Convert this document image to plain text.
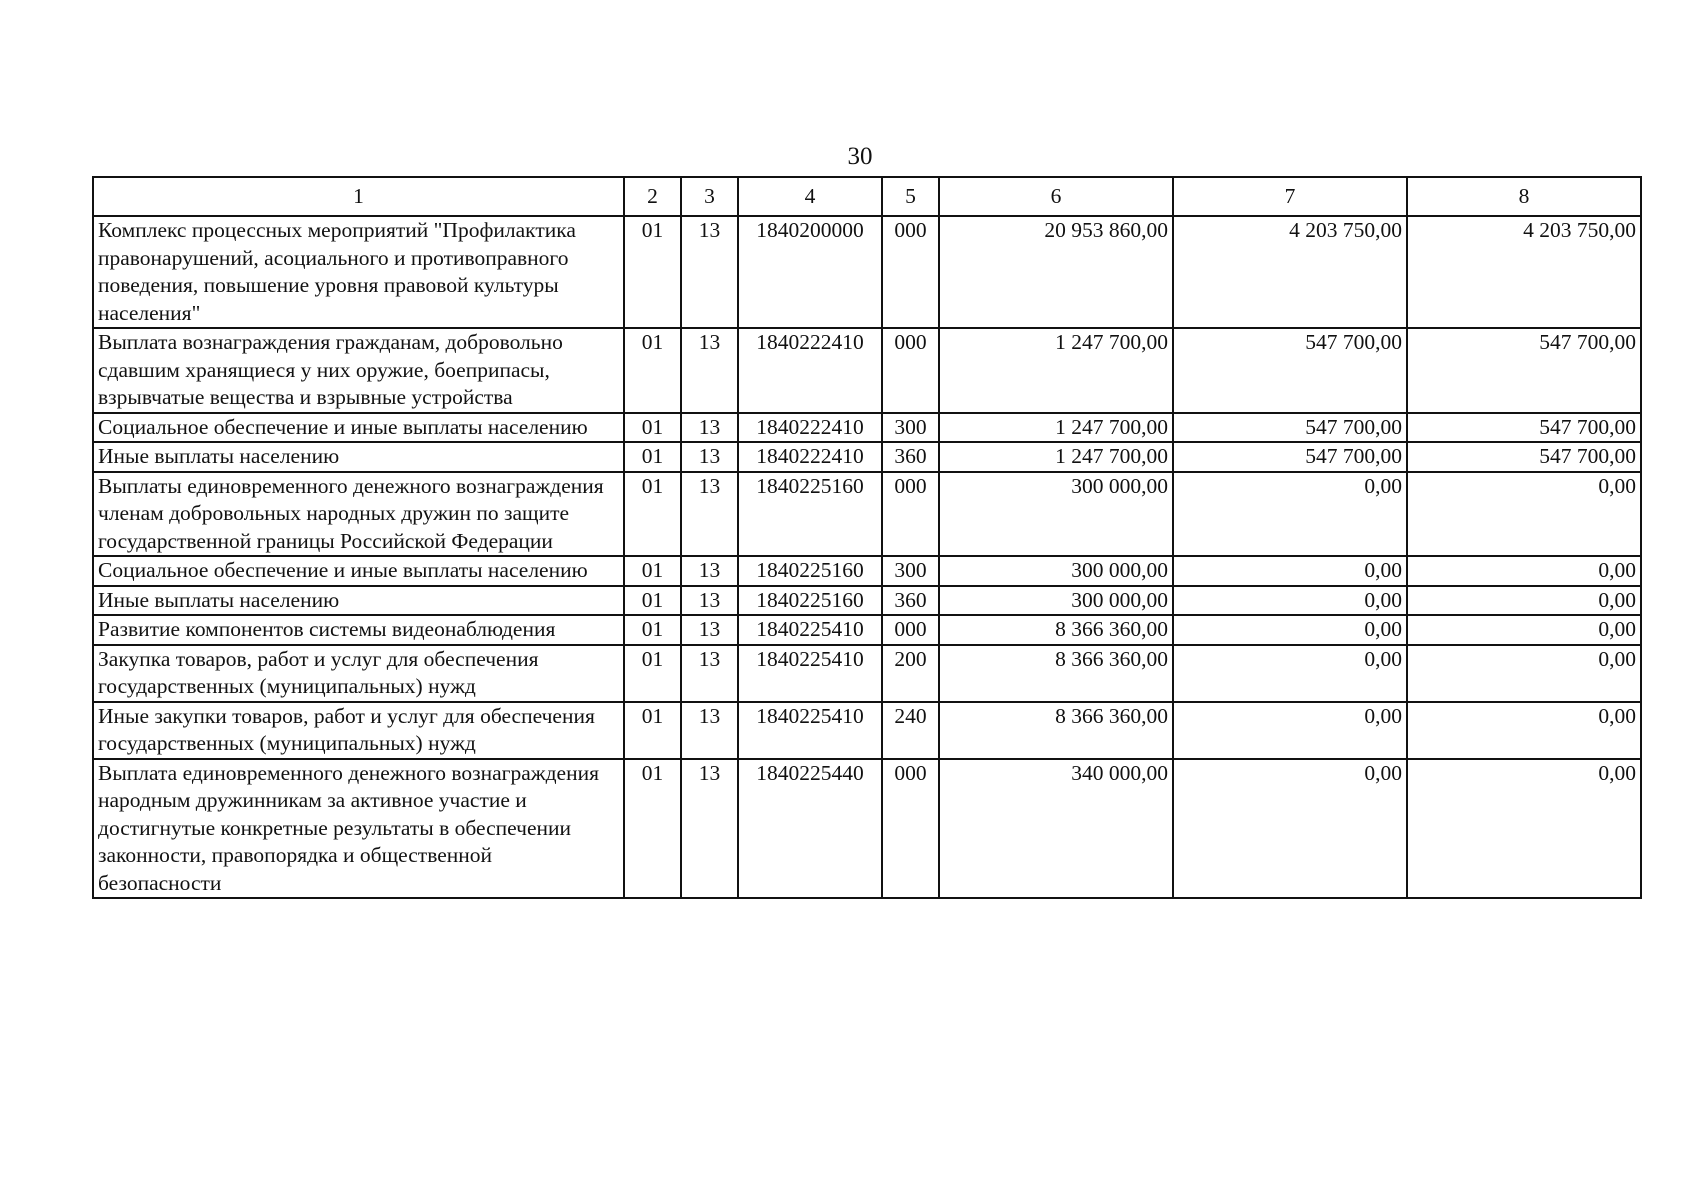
30
1	2	3	4	5	6	7	8
Комплекс процессных мероприятий "Профилактика правонарушений, асоциального и противоправного поведения, повышение уровня правовой культуры населения"	01	13	1840200000	000	20 953 860,00	4 203 750,00	4 203 750,00
Выплата вознаграждения гражданам, добровольно сдавшим хранящиеся у них оружие, боеприпасы, взрывчатые вещества и взрывные устройства	01	13	1840222410	000	1 247 700,00	547 700,00	547 700,00
Социальное обеспечение и иные выплаты населению	01	13	1840222410	300	1 247 700,00	547 700,00	547 700,00
Иные выплаты населению	01	13	1840222410	360	1 247 700,00	547 700,00	547 700,00
Выплаты единовременного денежного вознаграждения членам добровольных народных дружин по защите государственной границы Российской Федерации	01	13	1840225160	000	300 000,00	0,00	0,00
Социальное обеспечение и иные выплаты населению	01	13	1840225160	300	300 000,00	0,00	0,00
Иные выплаты населению	01	13	1840225160	360	300 000,00	0,00	0,00
Развитие компонентов системы видеонаблюдения	01	13	1840225410	000	8 366 360,00	0,00	0,00
Закупка товаров, работ и услуг для обеспечения государственных (муниципальных) нужд	01	13	1840225410	200	8 366 360,00	0,00	0,00
Иные закупки товаров, работ и услуг для обеспечения государственных (муниципальных) нужд	01	13	1840225410	240	8 366 360,00	0,00	0,00
Выплата единовременного денежного вознаграждения народным дружинникам за активное участие и достигнутые конкретные результаты в обеспечении законности, правопорядка и общественной безопасности	01	13	1840225440	000	340 000,00	0,00	0,00
